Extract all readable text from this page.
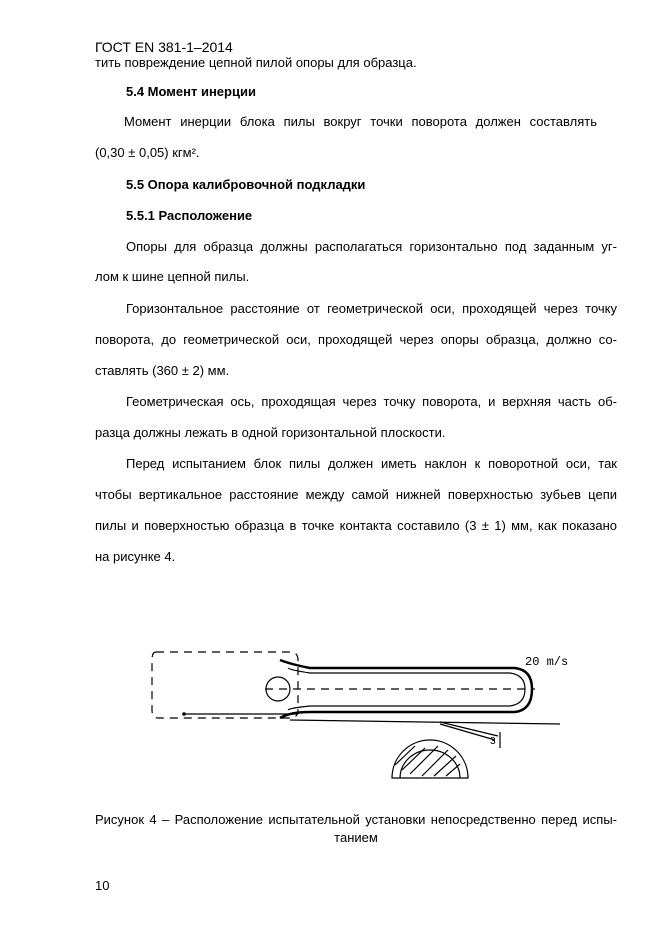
ГОСТ EN 381-1–2014
тить повреждение цепной пилой опоры для образца.
5.4 Момент инерции
Момент инерции блока пилы вокруг точки поворота должен составлять
(0,30 ± 0,05) кгм².
5.5 Опора калибровочной подкладки
5.5.1 Расположение
Опоры для образца должны располагаться горизонтально под заданным уг-
лом к шине цепной пилы.
Горизонтальное расстояние от геометрической оси, проходящей через точку
поворота, до геометрической оси, проходящей через опоры образца, должно со-
ставлять (360 ± 2) мм.
Геометрическая ось, проходящая через точку поворота, и верхняя часть об-
разца должны лежать в одной горизонтальной плоскости.
Перед испытанием блок пилы должен иметь наклон к поворотной оси, так
чтобы вертикальное расстояние между самой нижней поверхностью зубьев цепи
пилы и поверхностью образца в точке контакта составило (3 ± 1) мм, как показано
на рисунке 4.
20 m/s
3
Рисунок 4 – Расположение испытательной установки непосредственно перед испы-
танием
10
